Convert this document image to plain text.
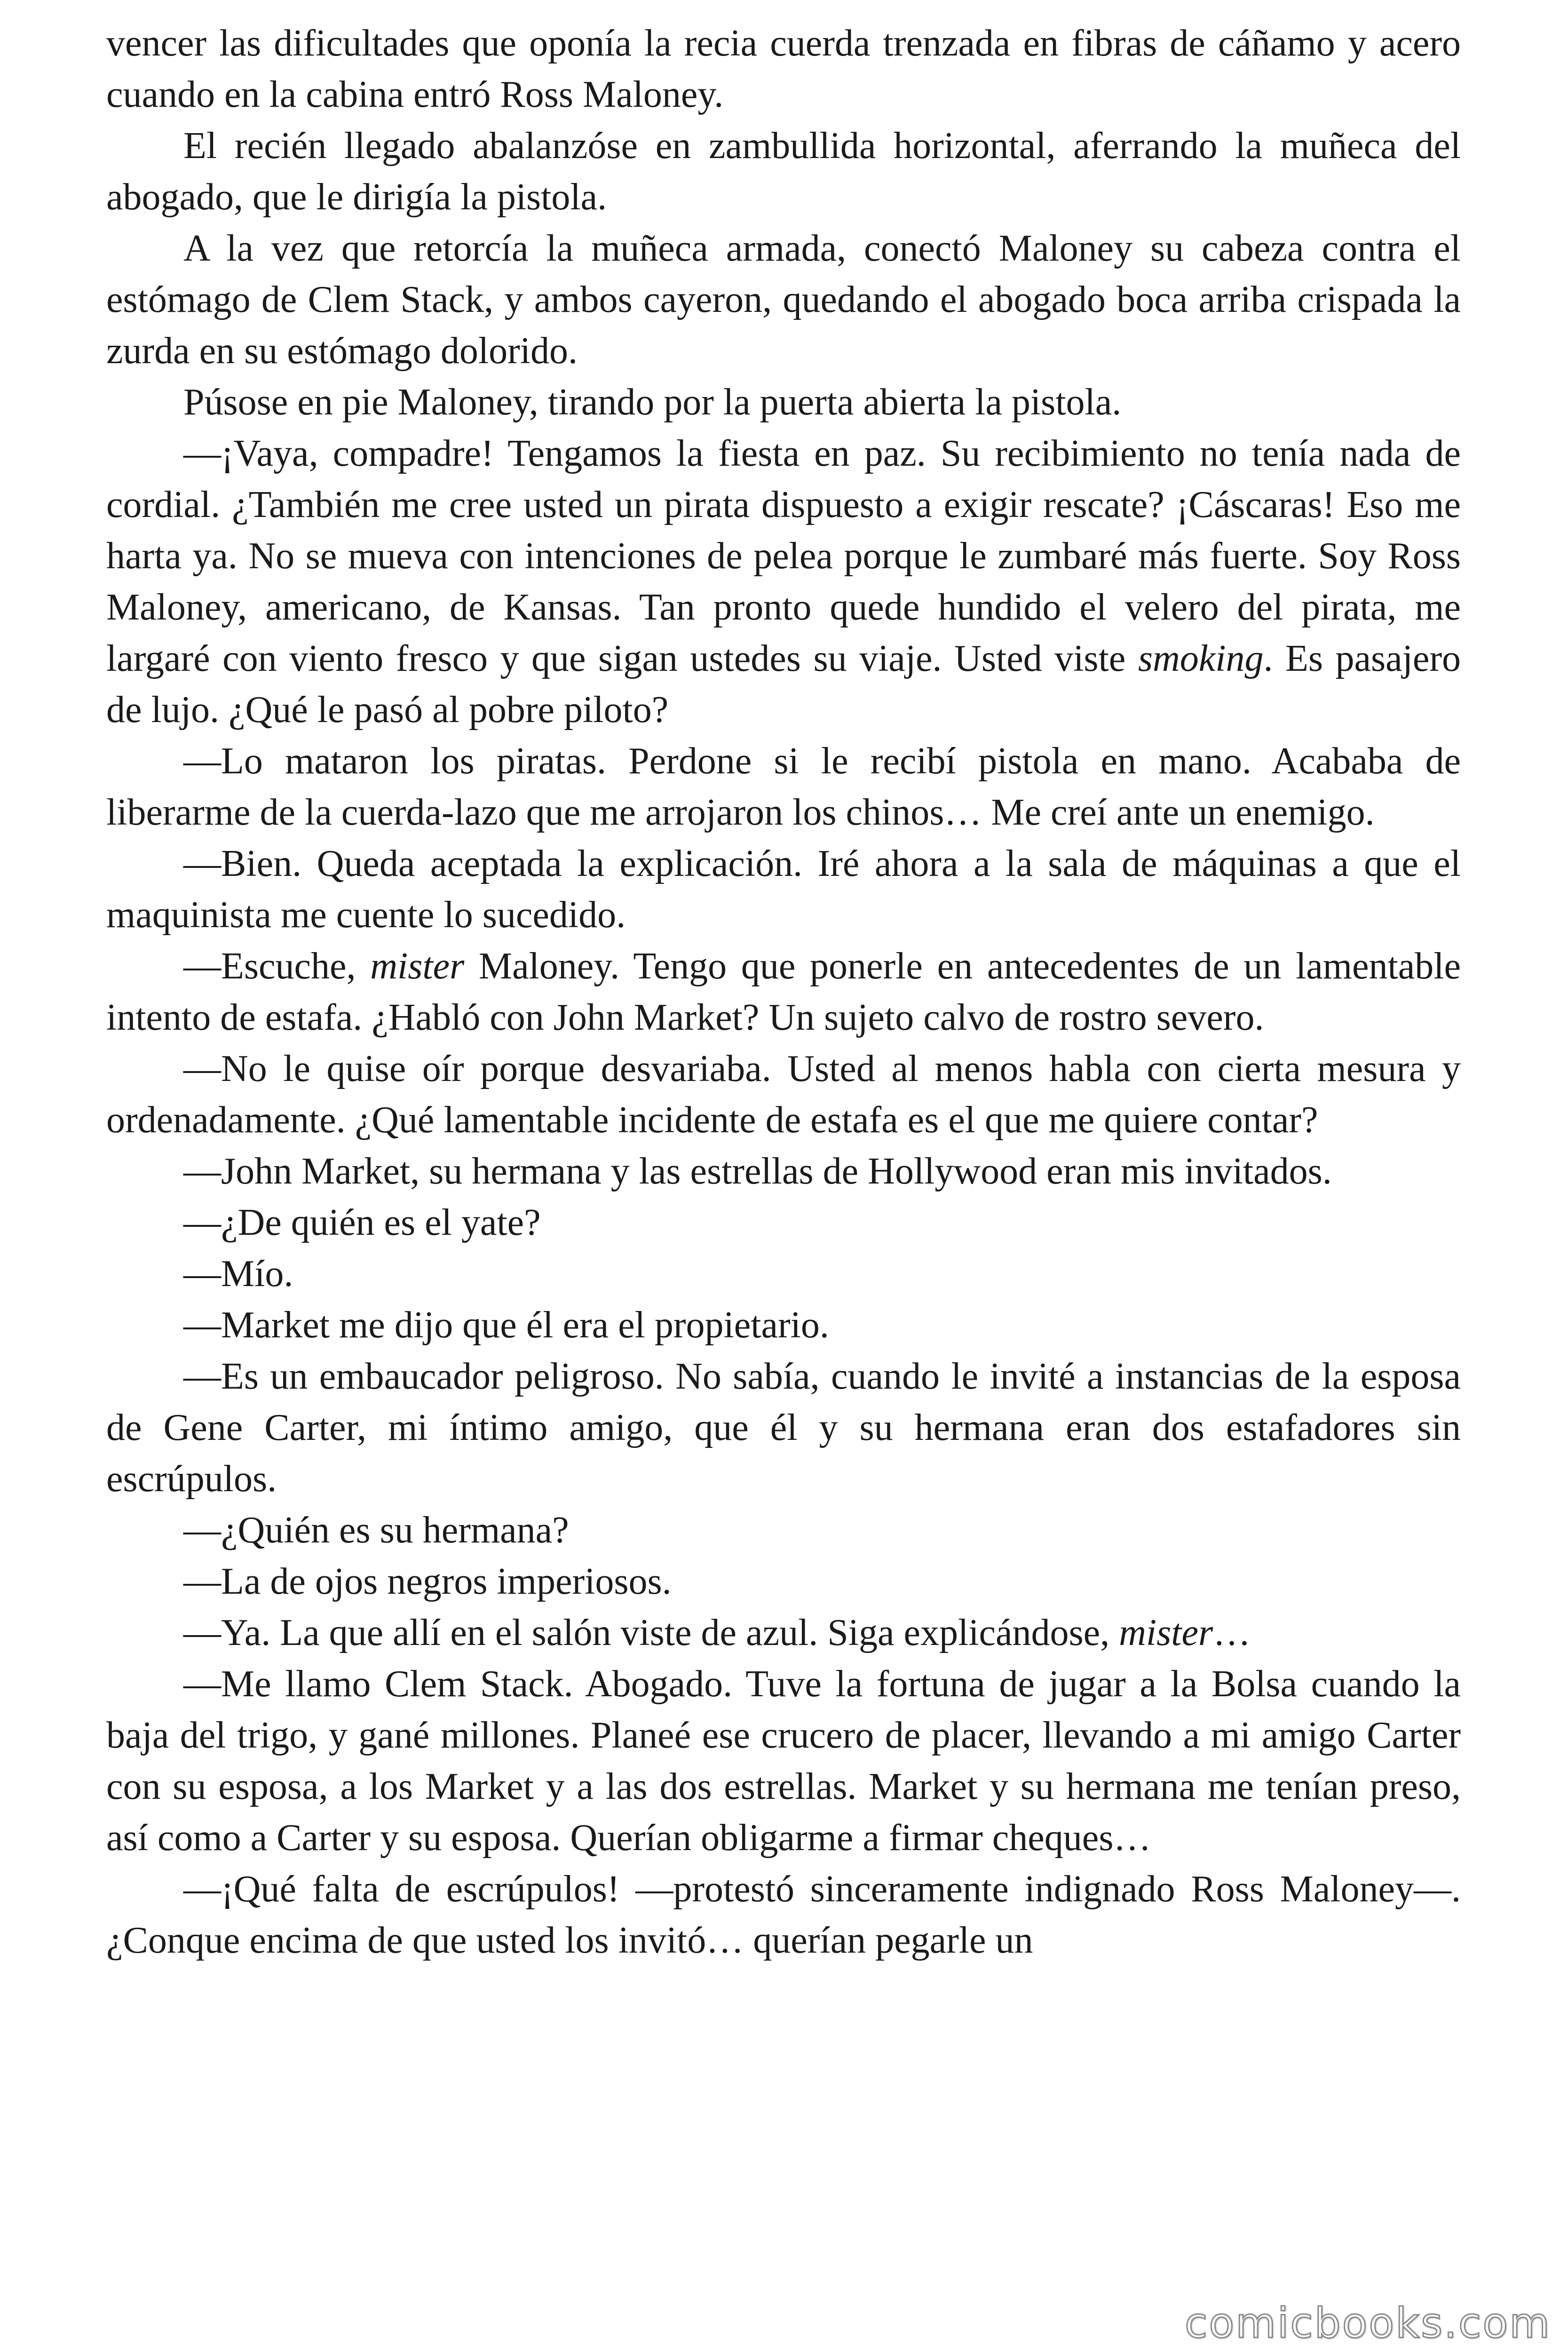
vencer las dificultades que oponía la recia cuerda trenzada en fibras de cáñamo y acero cuando en la cabina entró Ross Maloney.

El recién llegado abalanzóse en zambullida horizontal, aferrando la muñeca del abogado, que le dirigía la pistola.

A la vez que retorcía la muñeca armada, conectó Maloney su cabeza contra el estómago de Clem Stack, y ambos cayeron, quedando el abogado boca arriba crispada la zurda en su estómago dolorido.

Púsose en pie Maloney, tirando por la puerta abierta la pistola.

—¡Vaya, compadre! Tengamos la fiesta en paz. Su recibimiento no tenía nada de cordial. ¿También me cree usted un pirata dispuesto a exigir rescate? ¡Cáscaras! Eso me harta ya. No se mueva con intenciones de pelea porque le zumbaré más fuerte. Soy Ross Maloney, americano, de Kansas. Tan pronto quede hundido el velero del pirata, me largaré con viento fresco y que sigan ustedes su viaje. Usted viste smoking. Es pasajero de lujo. ¿Qué le pasó al pobre piloto?

—Lo mataron los piratas. Perdone si le recibí pistola en mano. Acababa de liberarme de la cuerda-lazo que me arrojaron los chinos… Me creí ante un enemigo.

—Bien. Queda aceptada la explicación. Iré ahora a la sala de máquinas a que el maquinista me cuente lo sucedido.

—Escuche, mister Maloney. Tengo que ponerle en antecedentes de un lamentable intento de estafa. ¿Habló con John Market? Un sujeto calvo de rostro severo.

—No le quise oír porque desvariaba. Usted al menos habla con cierta mesura y ordenadamente. ¿Qué lamentable incidente de estafa es el que me quiere contar?

—John Market, su hermana y las estrellas de Hollywood eran mis invitados.

—¿De quién es el yate?

—Mío.

—Market me dijo que él era el propietario.

—Es un embaucador peligroso. No sabía, cuando le invité a instancias de la esposa de Gene Carter, mi íntimo amigo, que él y su hermana eran dos estafadores sin escrúpulos.

—¿Quién es su hermana?

—La de ojos negros imperiosos.

—Ya. La que allí en el salón viste de azul. Siga explicándose, mister…

—Me llamo Clem Stack. Abogado. Tuve la fortuna de jugar a la Bolsa cuando la baja del trigo, y gané millones. Planeé ese crucero de placer, llevando a mi amigo Carter con su esposa, a los Market y a las dos estrellas. Market y su hermana me tenían preso, así como a Carter y su esposa. Querían obligarme a firmar cheques…

—¡Qué falta de escrúpulos! —protestó sinceramente indignado Ross Maloney—. ¿Conque encima de que usted los invitó… querían pegarle un

comicbooks.com
